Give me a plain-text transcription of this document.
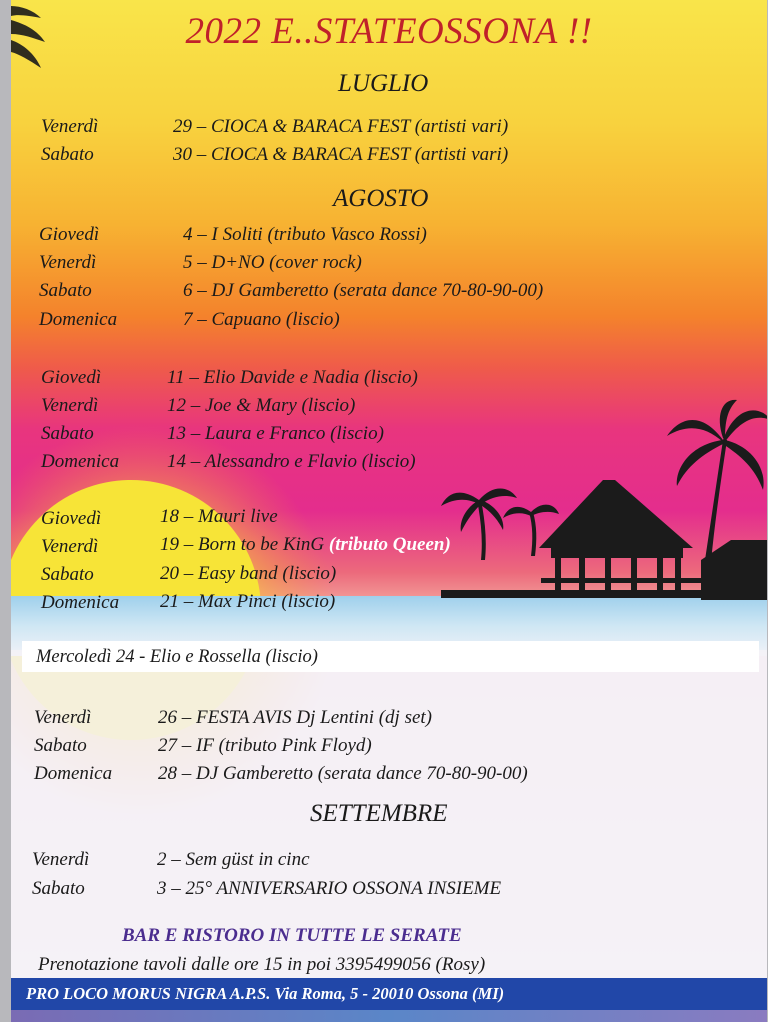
2022 E..STATEOSSONA !!
LUGLIO
Venerdì	29 – CIOCA & BARACA FEST (artisti vari)
Sabato	30 – CIOCA & BARACA FEST (artisti vari)
AGOSTO
Giovedì	4 – I Soliti (tributo Vasco Rossi)
Venerdì	5 – D+NO (cover rock)
Sabato	6 – DJ Gamberetto (serata dance 70-80-90-00)
Domenica	7 – Capuano (liscio)
Giovedì	11 – Elio Davide e Nadia (liscio)
Venerdì	12 – Joe & Mary (liscio)
Sabato	13 – Laura e Franco (liscio)
Domenica	14 – Alessandro e Flavio (liscio)
Giovedì	18 – Mauri live
Venerdì	19 – Born to be KinG (tributo Queen)
Sabato	20 – Easy band (liscio)
Domenica 21 – Max Pinci (liscio)
Mercoledì 24 - Elio e Rossella (liscio)
Venerdì	26 – FESTA AVIS Dj Lentini (dj set)
Sabato	27 – IF (tributo Pink Floyd)
Domenica 28 – DJ Gamberetto (serata dance 70-80-90-00)
SETTEMBRE
Venerdì	2 – Sem güst in cinc
Sabato	3 – 25° ANNIVERSARIO OSSONA INSIEME
BAR E RISTORO IN TUTTE LE SERATE
Prenotazione tavoli dalle ore 15 in poi 3395499056 (Rosy)
PRO LOCO MORUS NIGRA A.P.S. Via Roma, 5 - 20010 Ossona (MI)
